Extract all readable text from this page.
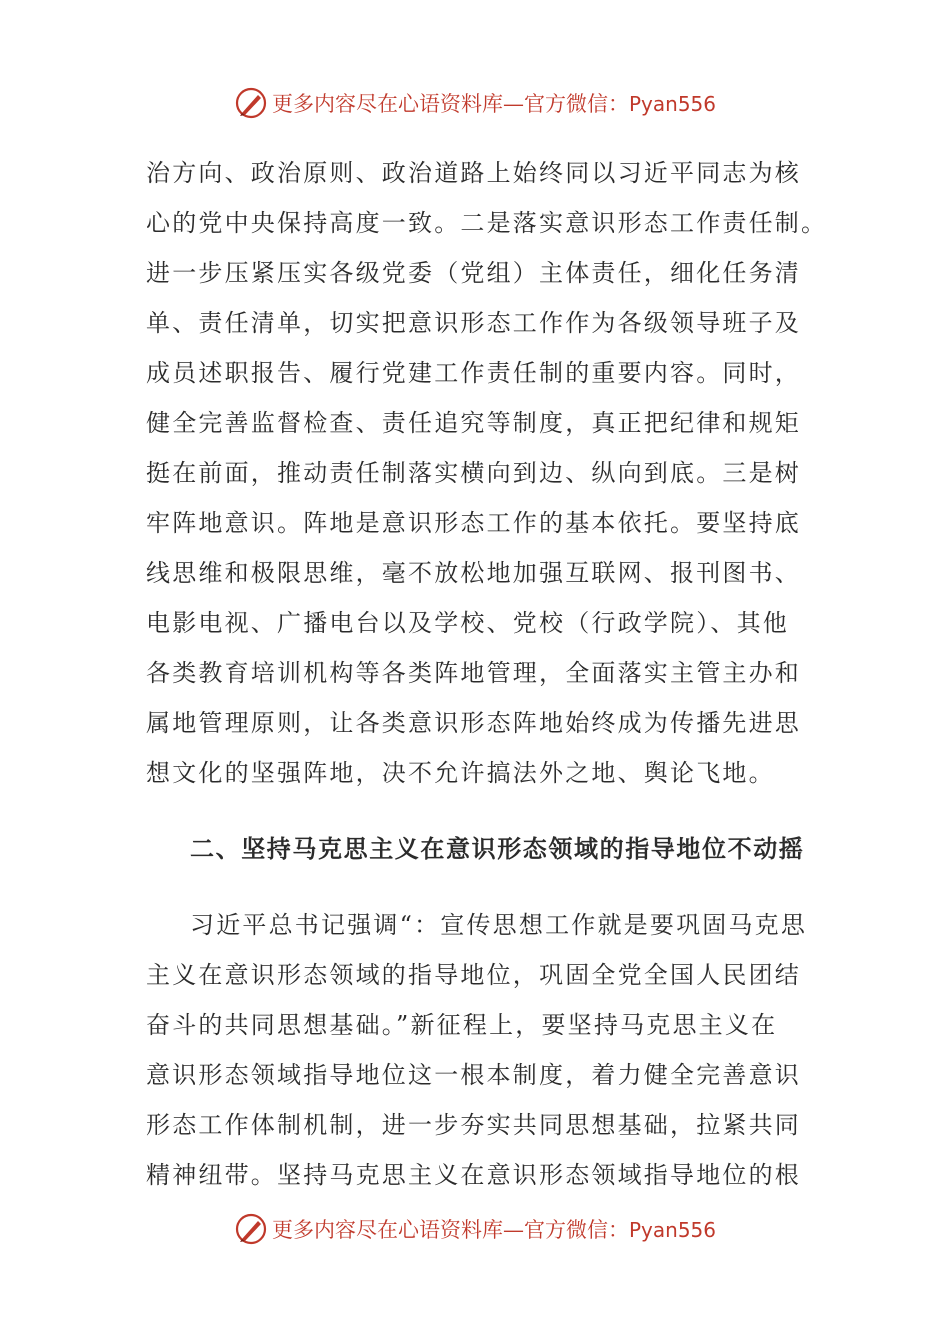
更多内容尽在心语资料库—官方微信：Pyan556

治方向、政治原则、政治道路上始终同以习近平同志为核
心的党中央保持高度一致。二是落实意识形态工作责任制。
进一步压紧压实各级党委（党组）主体责任，细化任务清
单、责任清单，切实把意识形态工作作为各级领导班子及
成员述职报告、履行党建工作责任制的重要内容。同时，
健全完善监督检查、责任追究等制度，真正把纪律和规矩
挺在前面，推动责任制落实横向到边、纵向到底。三是树
牢阵地意识。阵地是意识形态工作的基本依托。要坚持底
线思维和极限思维，毫不放松地加强互联网、报刊图书、
电影电视、广播电台以及学校、党校（行政学院）、其他
各类教育培训机构等各类阵地管理，全面落实主管主办和
属地管理原则，让各类意识形态阵地始终成为传播先进思
想文化的坚强阵地，决不允许搞法外之地、舆论飞地。

二、坚持马克思主义在意识形态领域的指导地位不动摇

习近平总书记强调“：宣传思想工作就是要巩固马克思
主义在意识形态领域的指导地位，巩固全党全国人民团结
奋斗的共同思想基础。”新征程上，要坚持马克思主义在
意识形态领域指导地位这一根本制度，着力健全完善意识
形态工作体制机制，进一步夯实共同思想基础，拉紧共同
精神纽带。坚持马克思主义在意识形态领域指导地位的根

更多内容尽在心语资料库—官方微信：Pyan556
